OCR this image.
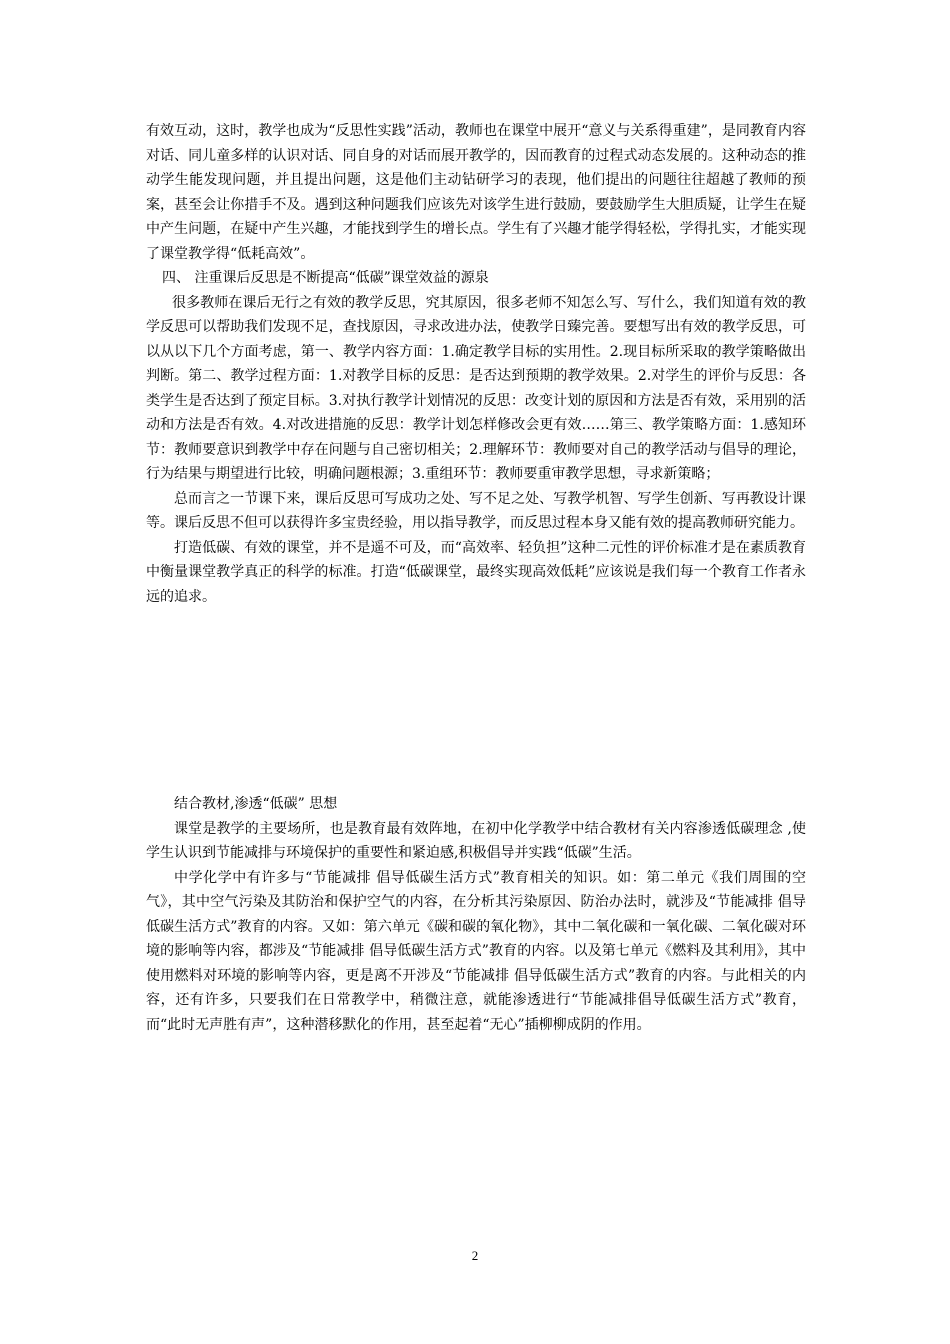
有效互动，这时，教学也成为“反思性实践”活动，教师也在课堂中展开“意义与关系得重建”，是同教育内容对话、同儿童多样的认识对话、同自身的对话而展开教学的，因而教育的过程式动态发展的。这种动态的推动学生能发现问题，并且提出问题，这是他们主动钻研学习的表现，他们提出的问题往往超越了教师的预案，甚至会让你措手不及。遇到这种问题我们应该先对该学生进行鼓励，要鼓励学生大胆质疑，让学生在疑中产生问题，在疑中产生兴趣，才能找到学生的增长点。学生有了兴趣才能学得轻松，学得扎实，才能实现了课堂教学得“低耗高效”。

四、 注重课后反思是不断提高“低碳”课堂效益的源泉

很多教师在课后无行之有效的教学反思，究其原因，很多老师不知怎么写、写什么，我们知道有效的教学反思可以帮助我们发现不足，查找原因，寻求改进办法，使教学日臻完善。要想写出有效的教学反思，可以从以下几个方面考虑，第一、教学内容方面：1.确定教学目标的实用性。2.现目标所采取的教学策略做出判断。第二、教学过程方面：1.对教学目标的反思：是否达到预期的教学效果。2.对学生的评价与反思：各类学生是否达到了预定目标。3.对执行教学计划情况的反思：改变计划的原因和方法是否有效，采用别的活动和方法是否有效。4.对改进措施的反思：教学计划怎样修改会更有效……第三、教学策略方面：1.感知环节：教师要意识到教学中存在问题与自己密切相关；2.理解环节：教师要对自己的教学活动与倡导的理论，行为结果与期望进行比较，明确问题根源；3.重组环节：教师要重审教学思想，寻求新策略；

总而言之一节课下来，课后反思可写成功之处、写不足之处、写教学机智、写学生创新、写再教设计课等。课后反思不但可以获得许多宝贵经验，用以指导教学，而反思过程本身又能有效的提高教师研究能力。

打造低碳、有效的课堂，并不是遥不可及，而“高效率、轻负担”这种二元性的评价标准才是在素质教育中衡量课堂教学真正的科学的标准。打造“低碳课堂，最终实现高效低耗”应该说是我们每一个教育工作者永远的追求。

结合教材,渗透“低碳” 思想

课堂是教学的主要场所，也是教育最有效阵地，在初中化学教学中结合教材有关内容渗透低碳理念 ,使学生认识到节能减排与环境保护的重要性和紧迫感,积极倡导并实践“低碳”生活。

中学化学中有许多与“节能减排 倡导低碳生活方式”教育相关的知识。如：第二单元《我们周围的空气》，其中空气污染及其防治和保护空气的内容，在分析其污染原因、防治办法时，就涉及“节能减排 倡导低碳生活方式”教育的内容。又如：第六单元《碳和碳的氧化物》，其中二氧化碳和一氧化碳、二氧化碳对环境的影响等内容，都涉及“节能减排 倡导低碳生活方式”教育的内容。以及第七单元《燃料及其利用》，其中使用燃料对环境的影响等内容，更是离不开涉及“节能减排 倡导低碳生活方式”教育的内容。与此相关的内容，还有许多，只要我们在日常教学中，稍微注意，就能渗透进行“节能减排倡导低碳生活方式”教育，而“此时无声胜有声”，这种潜移默化的作用，甚至起着“无心”插柳柳成阴的作用。

2
